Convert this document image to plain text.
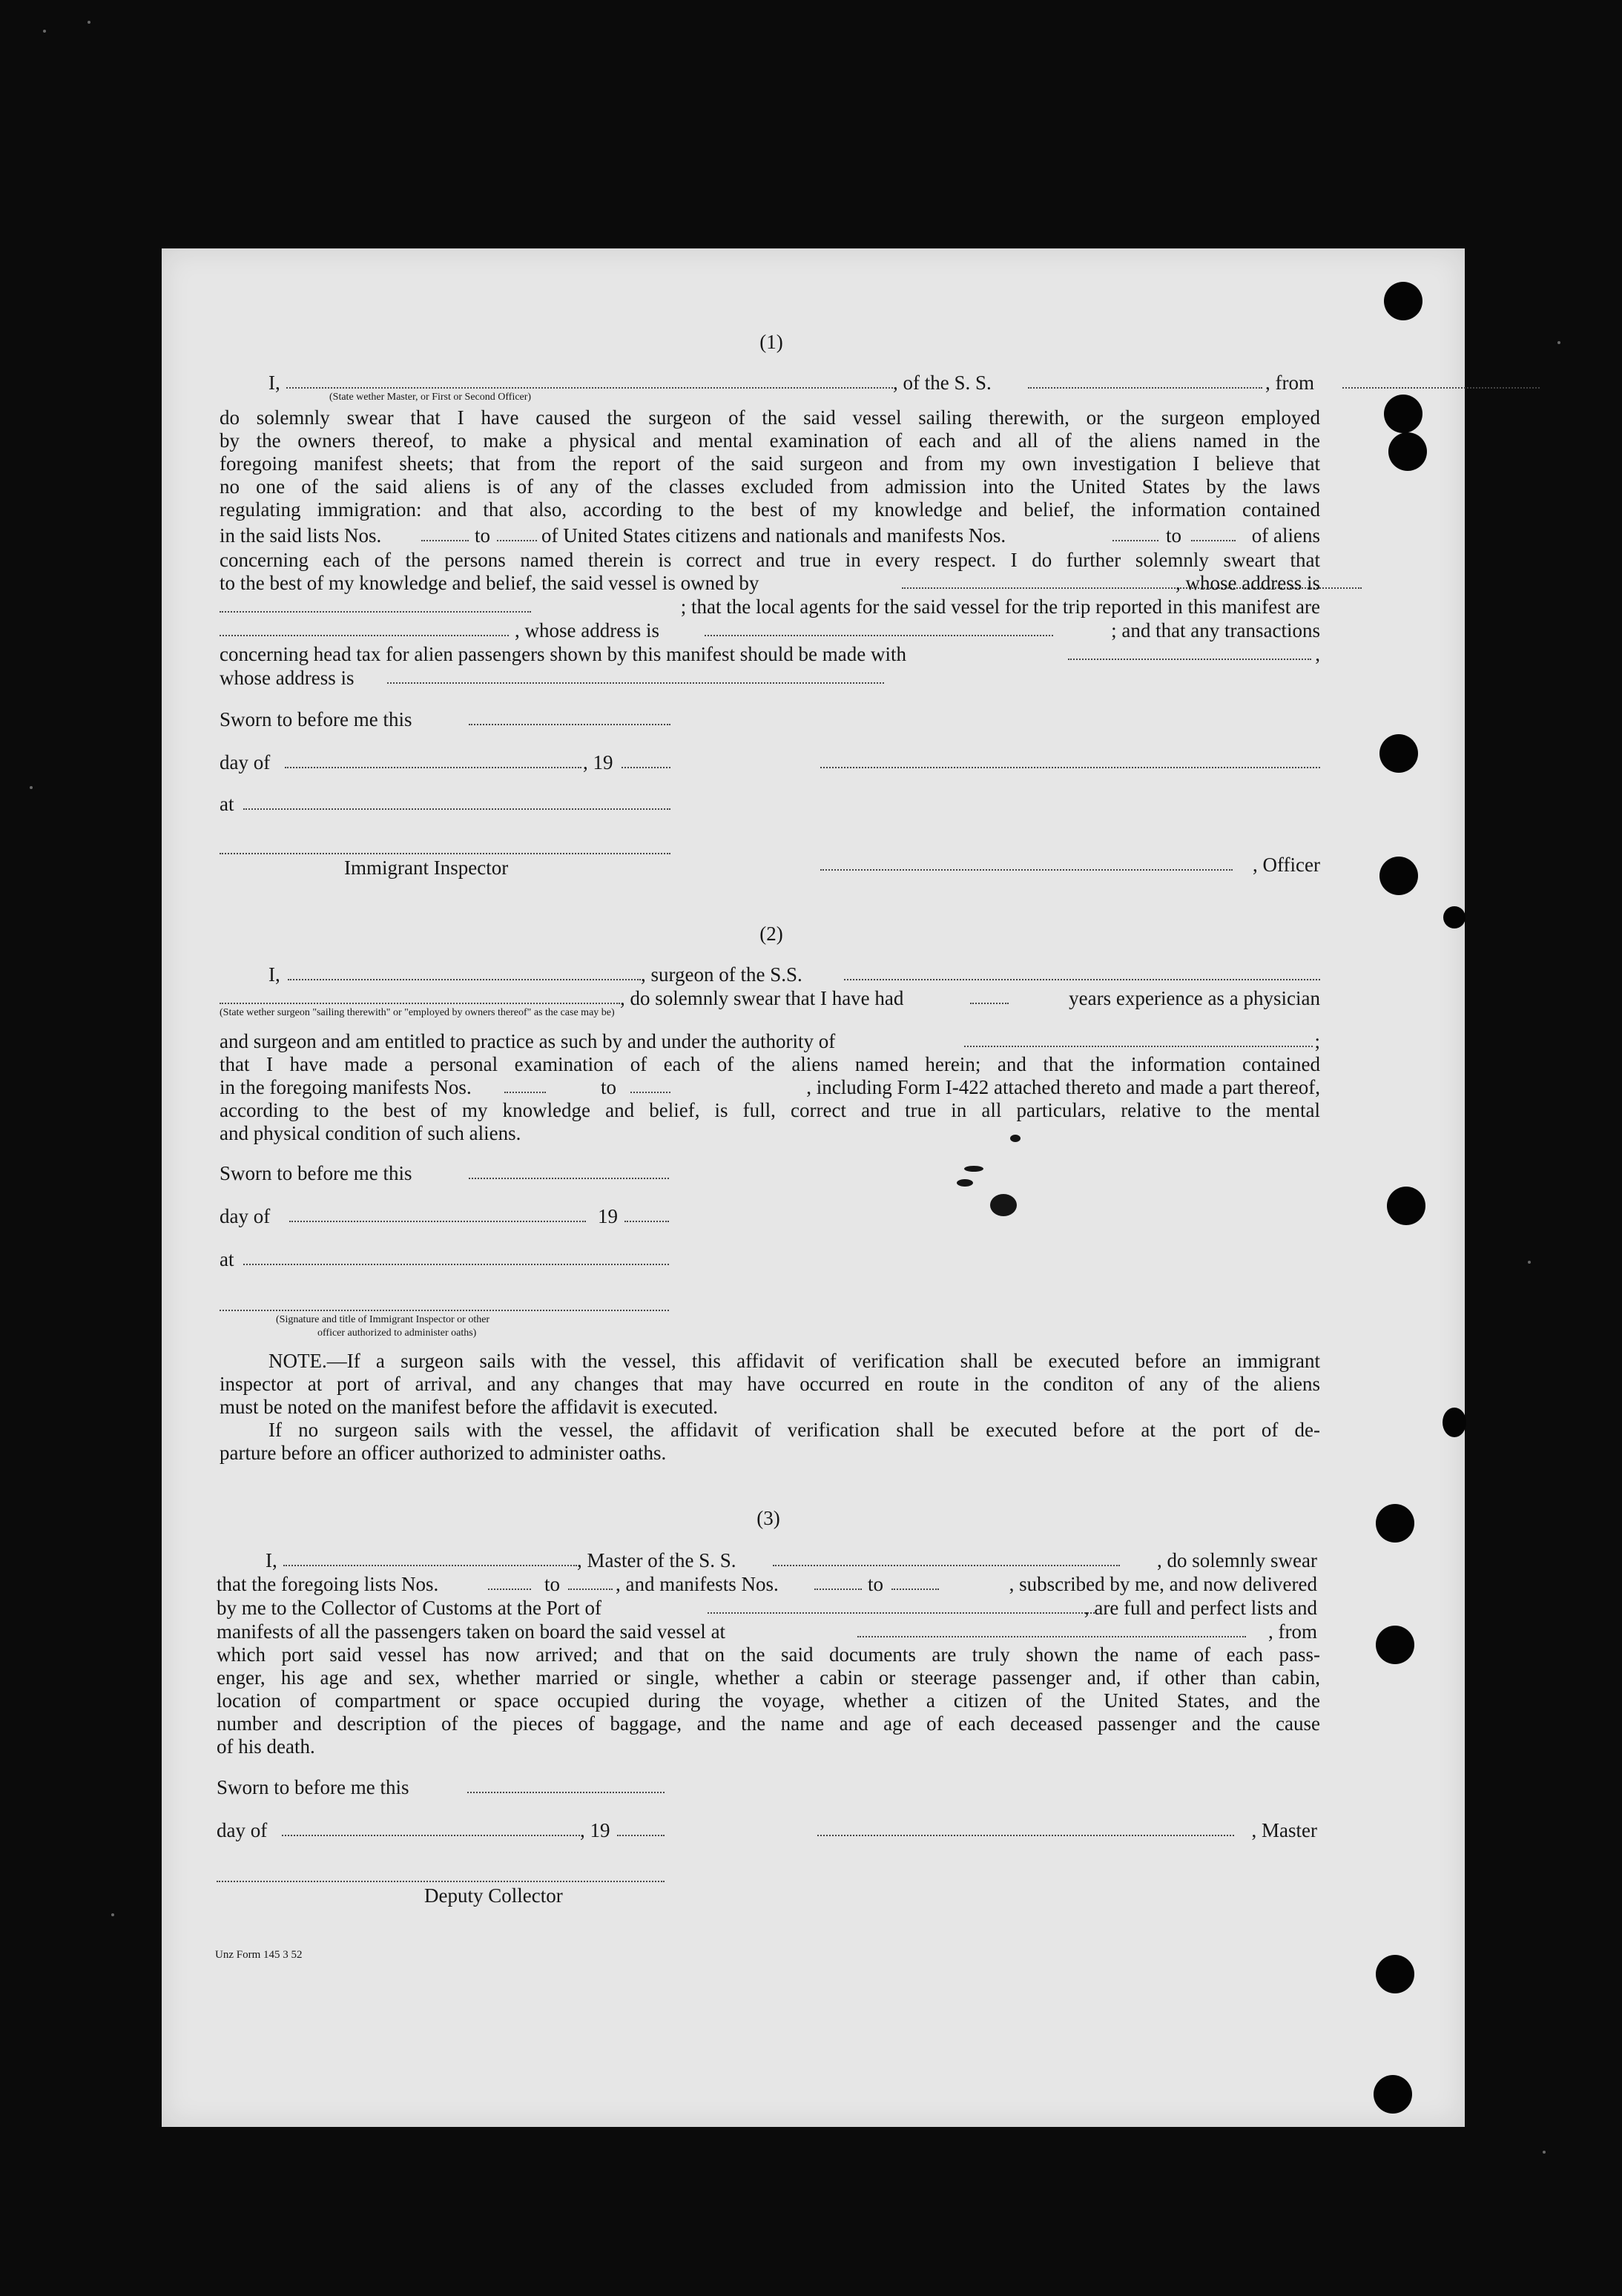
(1)
I,	, of the S. S.	, from
(State wether Master, or First or Second Officer)
do solemnly swear that I have caused the surgeon of the said vessel sailing therewith, or the surgeon employed
by the owners thereof, to make a physical and mental examination of each and all of the aliens named in the
foregoing manifest sheets; that from the report of the said surgeon and from my own investigation I believe that
no one of the said aliens is of any of the classes excluded from admission into the United States by the laws
regulating immigration: and that also, according to the best of my knowledge and belief, the information contained
in the said lists Nos.	to	of United States citizens and nationals and manifests Nos.	to	of aliens
concerning each of the persons named therein is correct and true in every respect. I do further solemnly sweart that
to the best of my knowledge and belief, the said vessel is owned by	, whose address is
; that the local agents for the said vessel for the trip reported in this manifest are
, whose address is	; and that any transactions
concerning head tax for alien passengers shown by this manifest should be made with	,
whose address is
Sworn to before me this
day of	, 19
at
Immigrant Inspector	, Officer
(2)
I,	, surgeon of the S.S.
, do solemnly swear that I have had	years experience as a physician
(State wether surgeon "sailing therewith" or "employed by owners thereof" as the case may be)
and surgeon and am entitled to practice as such by and under the authority of	;
that I have made a personal examination of each of the aliens named herein; and that the information contained
in the foregoing manifests Nos.	to	, including Form I-422 attached thereto and made a part thereof,
according to the best of my knowledge and belief, is full, correct and true in all particulars, relative to the mental
and physical condition of such aliens.
Sworn to before me this
day of	19
at
(Signature and title of Immigrant Inspector or other
officer authorized to administer oaths)
NOTE.—If a surgeon sails with the vessel, this affidavit of verification shall be executed before an immigrant
inspector at port of arrival, and any changes that may have occurred en route in the conditon of any of the aliens
must be noted on the manifest before the affidavit is executed.
If no surgeon sails with the vessel, the affidavit of verification shall be executed before at the port of de-
parture before an officer authorized to administer oaths.
(3)
I,	, Master of the S. S.	, do solemnly swear
that the foregoing lists Nos.	to	, and manifests Nos.	to	, subscribed by me, and now delivered
by me to the Collector of Customs at the Port of	, are full and perfect lists and
manifests of all the passengers taken on board the said vessel at	, from
which port said vessel has now arrived; and that on the said documents are truly shown the name of each pass-
enger, his age and sex, whether married or single, whether a cabin or steerage passenger and, if other than cabin,
location of compartment or space occupied during the voyage, whether a citizen of the United States, and the
number and description of the pieces of baggage, and the name and age of each deceased passenger and the cause
of his death.
Sworn to before me this
day of	, 19	, Master
Deputy Collector
Unz Form 145 3 52
